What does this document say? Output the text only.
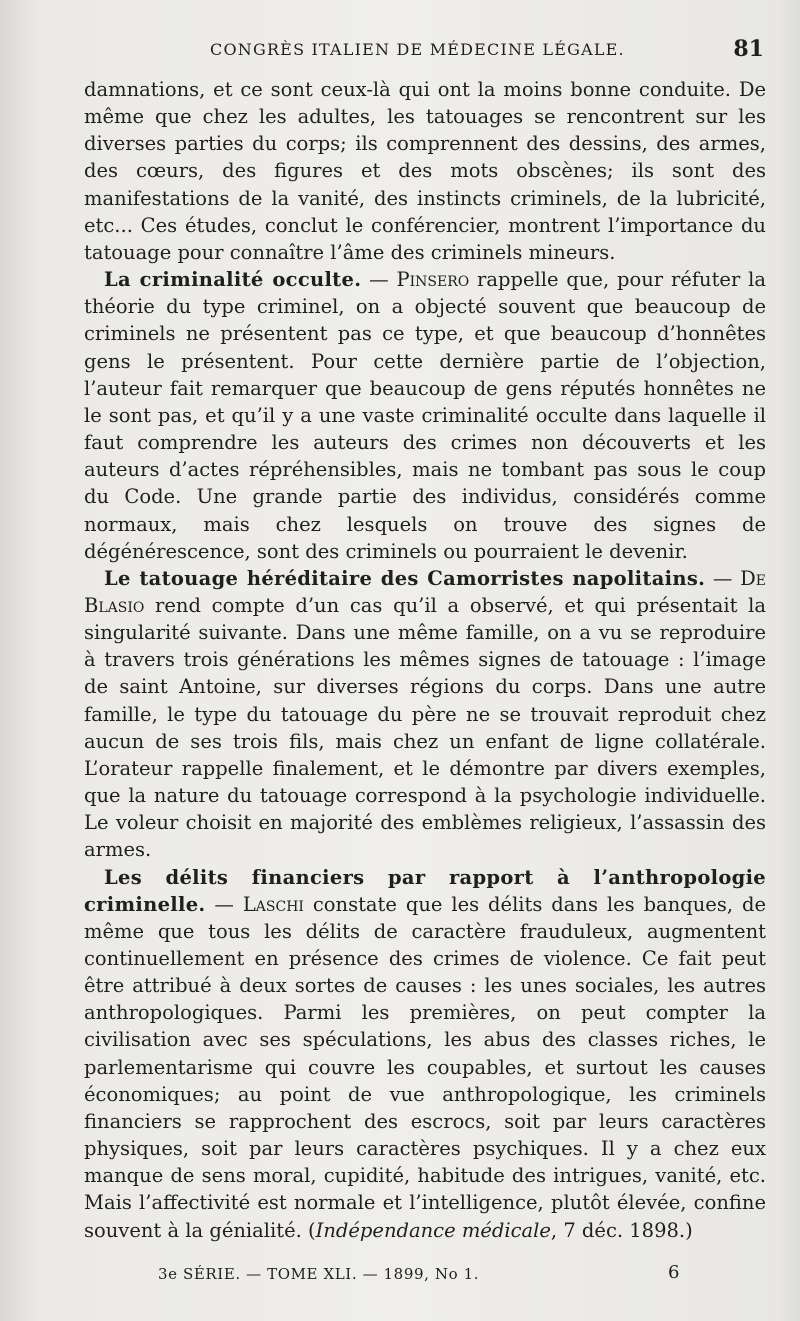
CONGRÈS ITALIEN DE MÉDECINE LÉGALE.	81

damnations, et ce sont ceux-là qui ont la moins bonne conduite. De même que chez les adultes, les tatouages se rencontrent sur les diverses parties du corps; ils comprennent des dessins, des armes, des cœurs, des figures et des mots obscènes; ils sont des manifestations de la vanité, des instincts criminels, de la lubricité, etc... Ces études, conclut le conférencier, montrent l’importance du tatouage pour connaître l’âme des criminels mineurs.

La criminalité occulte. — Pinsero rappelle que, pour réfuter la théorie du type criminel, on a objecté souvent que beaucoup de criminels ne présentent pas ce type, et que beaucoup d’honnêtes gens le présentent. Pour cette dernière partie de l’objection, l’auteur fait remarquer que beaucoup de gens réputés honnêtes ne le sont pas, et qu’il y a une vaste criminalité occulte dans laquelle il faut comprendre les auteurs des crimes non découverts et les auteurs d’actes répréhensibles, mais ne tombant pas sous le coup du Code. Une grande partie des individus, considérés comme normaux, mais chez lesquels on trouve des signes de dégénérescence, sont des criminels ou pourraient le devenir.

Le tatouage héréditaire des Camorristes napolitains. — De Blasio rend compte d’un cas qu’il a observé, et qui présentait la singularité suivante. Dans une même famille, on a vu se reproduire à travers trois générations les mêmes signes de tatouage : l’image de saint Antoine, sur diverses régions du corps. Dans une autre famille, le type du tatouage du père ne se trouvait reproduit chez aucun de ses trois fils, mais chez un enfant de ligne collatérale. L’orateur rappelle finalement, et le démontre par divers exemples, que la nature du tatouage correspond à la psychologie individuelle. Le voleur choisit en majorité des emblèmes religieux, l’assassin des armes.

Les délits financiers par rapport à l’anthropologie criminelle. — Laschi constate que les délits dans les banques, de même que tous les délits de caractère frauduleux, augmentent continuellement en présence des crimes de violence. Ce fait peut être attribué à deux sortes de causes : les unes sociales, les autres anthropologiques. Parmi les premières, on peut compter la civilisation avec ses spéculations, les abus des classes riches, le parlementarisme qui couvre les coupables, et surtout les causes économiques; au point de vue anthropologique, les criminels financiers se rapprochent des escrocs, soit par leurs caractères physiques, soit par leurs caractères psychiques. Il y a chez eux manque de sens moral, cupidité, habitude des intrigues, vanité, etc. Mais l’affectivité est normale et l’intelligence, plutôt élevée, confine souvent à la génialité. (Indépendance médicale, 7 déc. 1898.)

3e SÉRIE. — TOME XLI. — 1899, No 1.	6
